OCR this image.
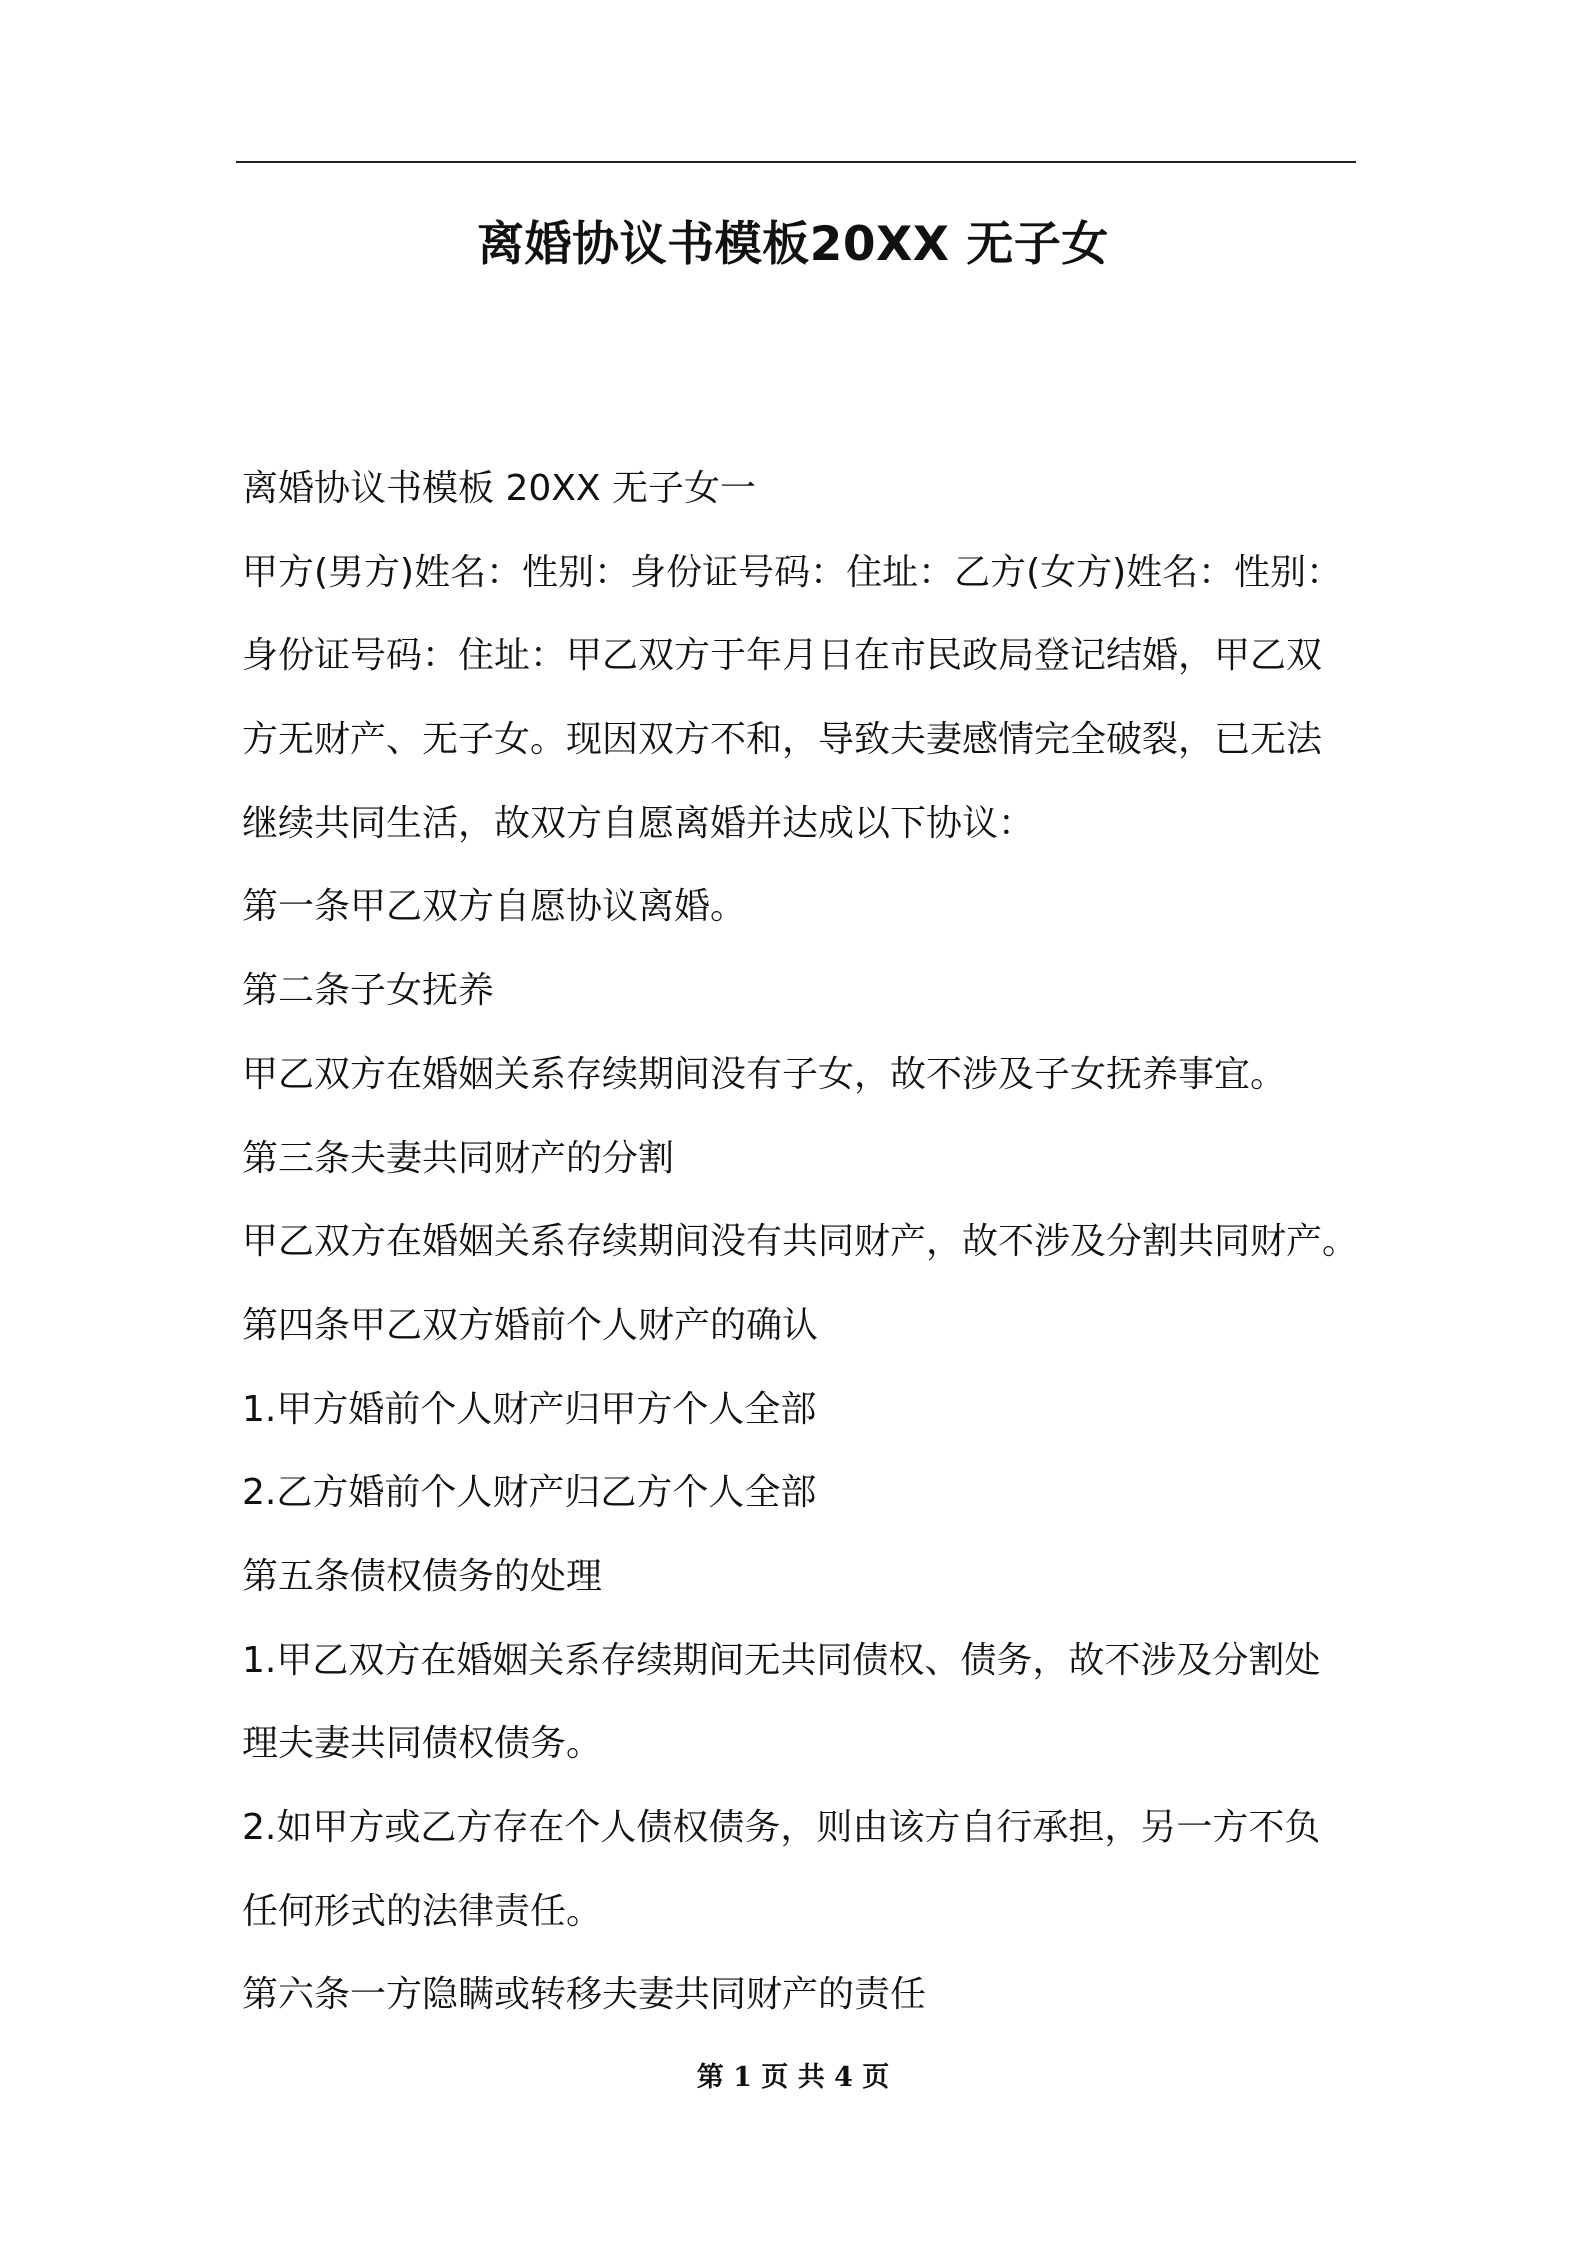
离婚协议书模板20XX 无子女
离婚协议书模板 20XX 无子女一
甲方(男方)姓名：性别：身份证号码：住址：乙方(女方)姓名：性别：
身份证号码：住址：甲乙双方于年月日在市民政局登记结婚，甲乙双
方无财产、无子女。现因双方不和，导致夫妻感情完全破裂，已无法
继续共同生活，故双方自愿离婚并达成以下协议：
第一条甲乙双方自愿协议离婚。
第二条子女抚养
甲乙双方在婚姻关系存续期间没有子女，故不涉及子女抚养事宜。
第三条夫妻共同财产的分割
甲乙双方在婚姻关系存续期间没有共同财产，故不涉及分割共同财产。
第四条甲乙双方婚前个人财产的确认
1.甲方婚前个人财产归甲方个人全部
2.乙方婚前个人财产归乙方个人全部
第五条债权债务的处理
1.甲乙双方在婚姻关系存续期间无共同债权、债务，故不涉及分割处
理夫妻共同债权债务。
2.如甲方或乙方存在个人债权债务，则由该方自行承担，另一方不负
任何形式的法律责任。
第六条一方隐瞒或转移夫妻共同财产的责任
第 1 页 共 4 页
